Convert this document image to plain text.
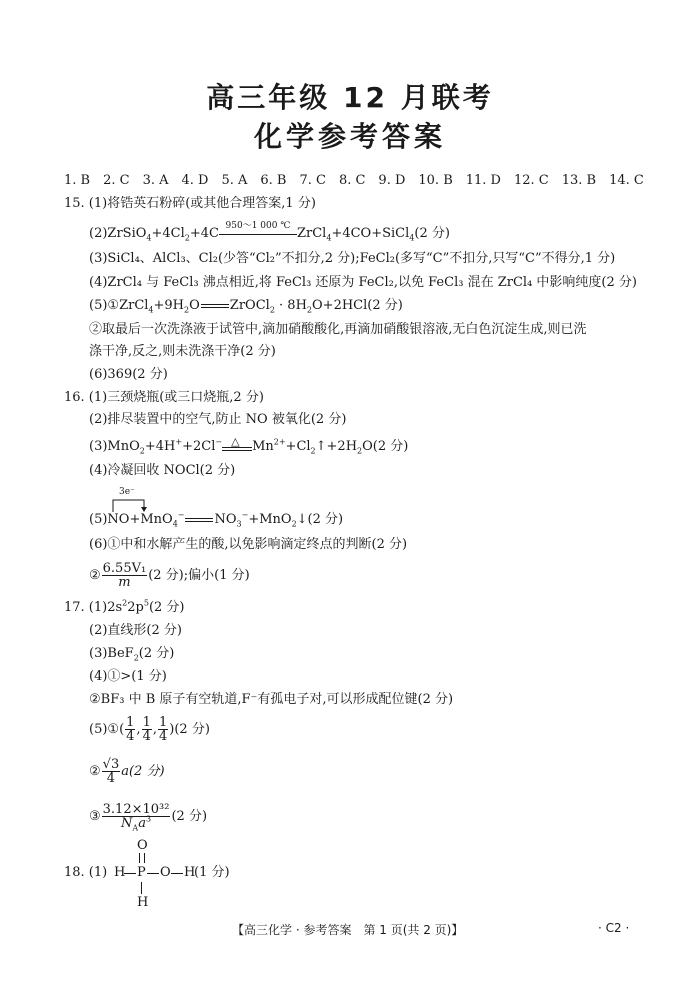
高三年级 12 月联考
化学参考答案
1. B　2. C　3. A　4. D　5. A　6. B　7. C　8. C　9. D　10. B　11. D　12. C　13. B　14. C
15. (1)将锆英石粉碎(或其他合理答案,1 分)
$(2)ZrSiO_4+4Cl_2+4C$
950～1 000 ℃
ZrCl$_4$+4CO+SiCl$_4$(2 分)
(3)SiCl₄、AlCl₃、Cl₂(少答“Cl₂”不扣分,2 分);FeCl₂(多写“C”不扣分,只写“C”不得分,1 分)
(4)ZrCl₄ 与 FeCl₃ 沸点相近,将 FeCl₃ 还原为 FeCl₂,以免 FeCl₃ 混在 ZrCl₄ 中影响纯度(2 分)
$(5)①ZrCl_4+9H_2O$ ZrOCl$_2$ · $8H_2O+2HCl(2$ 分)
②取最后一次洗涤液于试管中,滴加硝酸酸化,再滴加硝酸银溶液,无白色沉淀生成,则已洗
涤干净,反之,则未洗涤干净(2 分)
(6)369(2 分)
16. (1)三颈烧瓶(或三口烧瓶,2 分)
(2)排尽装置中的空气,防止 NO 被氧化(2 分)
(3)MnO$_2$+4H++2Cl− △ $Mn^{2+}+Cl_2↑+2H_2O(2$ 分)
(4)冷凝回收 NOCl(2 分)
3e⁻
(5)NO+MnO$_4$− $NO_3^-+MnO_2↓(2$ 分)
(6)①中和水解产生的酸,以免影响滴定终点的判断(2 分)
② $\frac{\text{6.55V₁}}{m} (2$ 分);偏小(1 分)
17. $(1)2s^22p^5(2$ 分)
(2)直线形(2 分)
(3)BeF$_2$(2 分)
(4)①>(1 分)
②BF₃ 中 B 原子有空轨道,F⁻有孤电子对,可以形成配位键(2 分)
(5)①( $\frac{1}{4}$ , $\frac{1}{4}$ , $\frac{1}{4} )(2$ 分)
② $\frac{√3}{4} a(2$ 分)
③ $\frac{\text{3.12×10³²}}{N_Aa^3} (2$ 分)
18. (1)
O
H P O H
(1 分)
H
【高三化学 · 参考答案　第 1 页(共 2 页)】	· C2 ·
